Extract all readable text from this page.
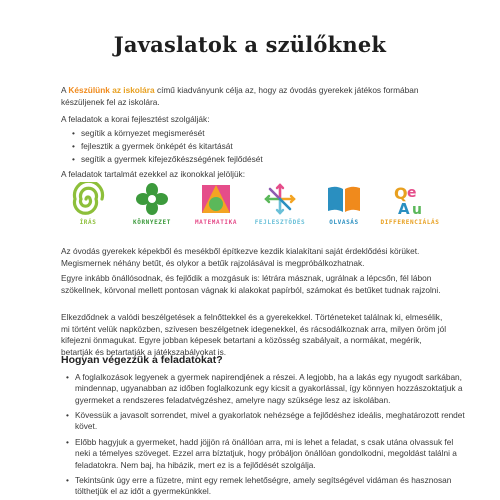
Javaslatok a szülőknek
A Készülünk az iskolára című kiadványunk célja az, hogy az óvodás gyerekek játékos formában
készüljenek fel az iskolára.
A feladatok a korai fejlesztést szolgálják:
• segítik a környezet megismerését
• fejlesztik a gyermek önképét és kitartását
• segítik a gyermek kifejezőkészségének fejlődését
A feladatok tartalmát ezekkel az ikonokkal jelöljük:
ÍRÁS	KÖRNYEZET	MATEMATIKA	FEJLESZTŐDÉS	OLVASÁS
Q e
A u
DIFFERENCIÁLÁS
Az óvodás gyerekek képekből és mesékből építkezve kezdik kialakítani saját érdeklődési körüket. Megismernek néhány betűt, és olykor a betűk rajzolásával is megpróbálkozhatnak.
Egyre inkább önállósodnak, és fejlődik a mozgásuk is: létrára másznak, ugrálnak a lépcsőn, fél lábon szökellnek, körvonal mellett pontosan vágnak ki alakokat papírból, számokat és betűket tudnak rajzolni.
Elkezdődnek a valódi beszélgetések a felnőttekkel és a gyerekekkel. Történeteket találnak ki, elmesélik, mi történt velük napközben, szívesen beszélgetnek idegenekkel, és rácsodálkoznak arra, milyen öröm jól kifejezni önmagukat. Egyre jobban képesek betartani a közösség szabályait, a normákat, megérik, betartják és betartatják a játékszabályokat is.
Hogyan végezzük a feladatokat?
• A foglalkozások legyenek a gyermek napirendjének a részei. A legjobb, ha a lakás egy nyugodt sarkában, mindennap, ugyanabban az időben foglalkozunk egy kicsit a gyakorlással, így könnyen hozzászoktatjuk a gyermeket a rendszeres feladatvégzéshez, amelyre nagy szüksége lesz az iskolában.
• Kövessük a javasolt sorrendet, mivel a gyakorlatok nehézsége a fejlődéshez ideális, meghatározott rendet követ.
• Előbb hagyjuk a gyermeket, hadd jöjjön rá önállóan arra, mi is lehet a feladat, s csak utána olvassuk fel neki a témelyes szöveget. Ezzel arra bíztatjuk, hogy próbáljon önállóan gondolkodni, megoldást találni a feladatokra. Nem baj, ha hibázik, mert ez is a fejlődését szolgálja.
• Tekintsünk úgy erre a füzetre, mint egy remek lehetőségre, amely segítségével vidáman és hasznosan tölthetjük el az időt a gyermekünkkel.
